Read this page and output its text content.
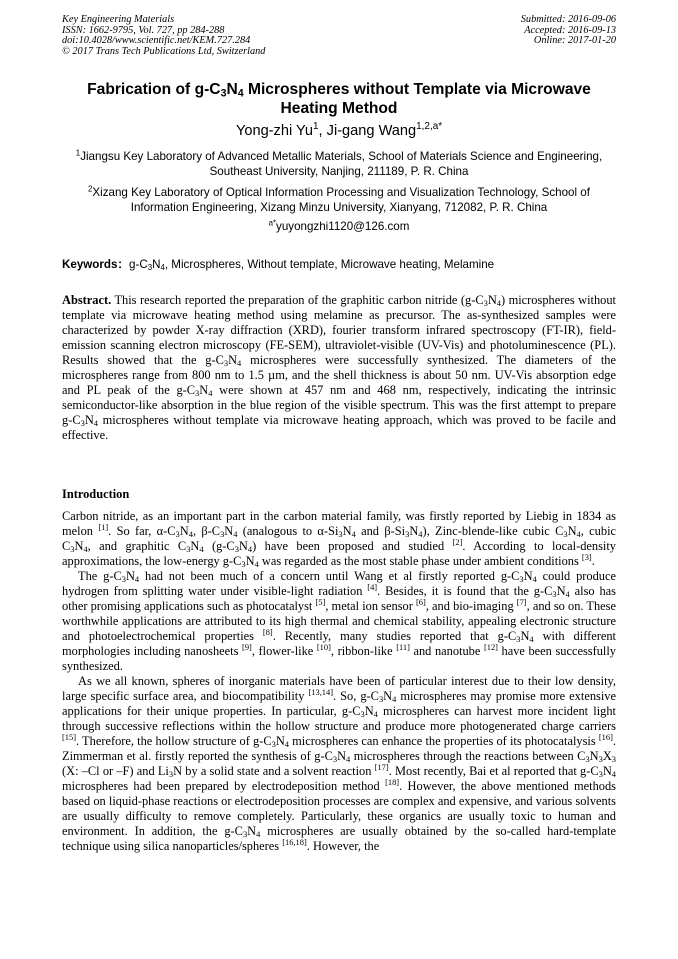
Key Engineering Materials
ISSN: 1662-9795, Vol. 727, pp 284-288
doi:10.4028/www.scientific.net/KEM.727.284
© 2017 Trans Tech Publications Ltd, Switzerland
Submitted: 2016-09-06
Accepted: 2016-09-13
Online: 2017-01-20
Fabrication of $g-C_3N_4$ Microspheres without Template via Microwave Heating Method
Yong-zhi Yu$^1$, Ji-gang Wang$^{1,2,a*}$
$^1$Jiangsu Key Laboratory of Advanced Metallic Materials, School of Materials Science and Engineering, Southeast University, Nanjing, 211189, P. R. China
$^2$Xizang Key Laboratory of Optical Information Processing and Visualization Technology, School of Information Engineering, Xizang Minzu University, Xianyang, 712082, P. R. China
$^{a*}$yuyongzhi1120@126.com
Keywords：$g-C_3N_4$, Microspheres, Without template, Microwave heating, Melamine
Abstract. This research reported the preparation of the graphitic carbon nitride $(g-C_3N_4)$ microspheres without template via microwave heating method using melamine as precursor. The as-synthesized samples were characterized by powder X-ray diffraction (XRD), fourier transform infrared spectroscopy (FT-IR), field-emission scanning electron microscopy (FE-SEM), ultraviolet-visible (UV-Vis) and photoluminescence (PL). Results showed that the $g-C_3N_4$ microspheres were successfully synthesized. The diameters of the microspheres range from 800 nm to 1.5 µm, and the shell thickness is about 50 nm. UV-Vis absorption edge and PL peak of the $g-C_3N_4$ were shown at 457 nm and 468 nm, respectively, indicating the intrinsic semiconductor-like absorption in the blue region of the visible spectrum. This was the first attempt to prepare $g-C_3N_4$ microspheres without template via microwave heating approach, which was proved to be facile and effective.
Introduction

Carbon nitride, as an important part in the carbon material family, was firstly reported by Liebig in 1834 as melon [1]. So far, $\alpha-C_3N_4$, $\beta-C_3N_4$ (analogous to $\alpha-Si_3N_4$ and $\beta-Si_3N_4$), Zinc-blende-like cubic $C_3N_4$, cubic $C_3N_4$, and graphitic $C_3N_4$ $(g-C_3N_4)$ have been proposed and studied [2]. According to local-density approximations, the low-energy $g-C_3N_4$ was regarded as the most stable phase under ambient conditions [3].

The $g-C_3N_4$ had not been much of a concern until Wang et al firstly reported $g-C_3N_4$ could produce hydrogen from splitting water under visible-light radiation [4]. Besides, it is found that the $g-C_3N_4$ also has other promising applications such as photocatalyst [5], metal ion sensor [6], and bio-imaging [7], and so on. These worthwhile applications are attributed to its high thermal and chemical stability, appealing electronic structure and photoelectrochemical properties [8]. Recently, many studies reported that $g-C_3N_4$ with different morphologies including nanosheets [9], flower-like [10], ribbon-like [11] and nanotube [12] have been successfully synthesized.

As we all known, spheres of inorganic materials have been of particular interest due to their low density, large specific surface area, and biocompatibility [13,14]. So, $g-C_3N_4$ microspheres may promise more extensive applications for their unique properties. In particular, $g-C_3N_4$ microspheres can harvest more incident light through successive reflections within the hollow structure and produce more photogenerated charge carriers [15]. Therefore, the hollow structure of $g-C_3N_4$ microspheres can enhance the properties of its photocatalysis [16]. Zimmerman et al. firstly reported the synthesis of $g-C_3N_4$ microspheres through the reactions between $C_3N_3X_3$ (X: –Cl or –F) and $Li_3N$ by a solid state and a solvent reaction [17]. Most recently, Bai et al reported that $g-C_3N_4$ microspheres had been prepared by electrodeposition method [18]. However, the above mentioned methods based on liquid-phase reactions or electrodeposition processes are complex and expensive, and various solvents are usually difficulty to remove completely. Particularly, these organics are usually toxic to human and environment. In addition, the $g-C_3N_4$ microspheres are usually obtained by the so-called hard-template technique using silica nanoparticles/spheres [16,18]. However, the
